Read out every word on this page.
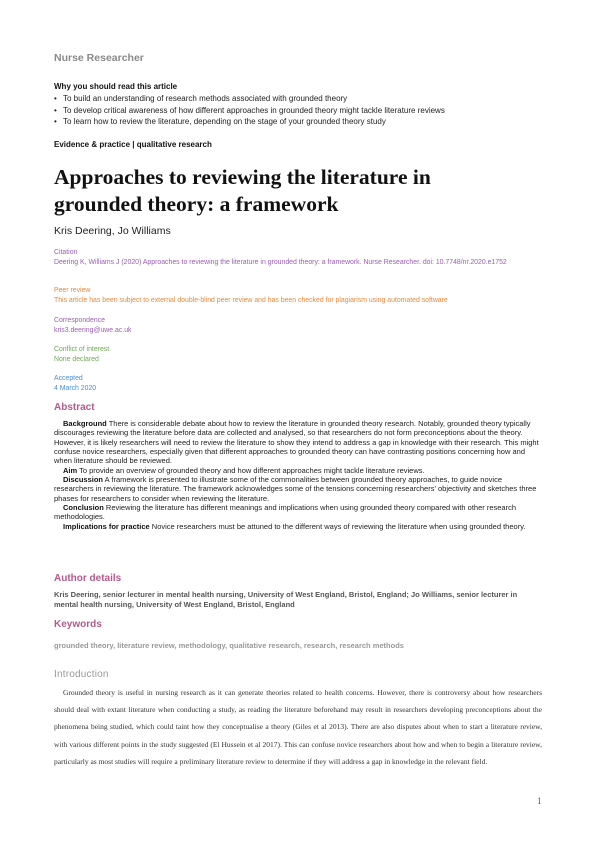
Nurse Researcher
Why you should read this article
• To build an understanding of research methods associated with grounded theory
• To develop critical awareness of how different approaches in grounded theory might tackle literature reviews
• To learn how to review the literature, depending on the stage of your grounded theory study
Evidence & practice | qualitative research
Approaches to reviewing the literature in grounded theory: a framework
Kris Deering, Jo Williams
Citation
Deering K, Williams J (2020) Approaches to reviewing the literature in grounded theory: a framework. Nurse Researcher. doi: 10.7748/nr.2020.e1752
Peer review
This article has been subject to external double-blind peer review and has been checked for plagiarism using automated software
Correspondence
kris3.deering@uwe.ac.uk
Conflict of interest
None declared
Accepted
4 March 2020
Abstract

Background There is considerable debate about how to review the literature in grounded theory research. Notably, grounded theory typically discourages reviewing the literature before data are collected and analysed, so that researchers do not form preconceptions about the theory. However, it is likely researchers will need to review the literature to show they intend to address a gap in knowledge with their research. This might confuse novice researchers, especially given that different approaches to grounded theory can have contrasting positions concerning how and when literature should be reviewed.

Aim To provide an overview of grounded theory and how different approaches might tackle literature reviews.

Discussion A framework is presented to illustrate some of the commonalities between grounded theory approaches, to guide novice researchers in reviewing the literature. The framework acknowledges some of the tensions concerning researchers' objectivity and sketches three phases for researchers to consider when reviewing the literature.

Conclusion Reviewing the literature has different meanings and implications when using grounded theory compared with other research methodologies.

Implications for practice Novice researchers must be attuned to the different ways of reviewing the literature when using grounded theory.

Author details
Kris Deering, senior lecturer in mental health nursing, University of West England, Bristol, England; Jo Williams, senior lecturer in mental health nursing, University of West England, Bristol, England
Keywords
grounded theory, literature review, methodology, qualitative research, research, research methods
Introduction

Grounded theory is useful in nursing research as it can generate theories related to health concerns. However, there is controversy about how researchers should deal with extant literature when conducting a study, as reading the literature beforehand may result in researchers developing preconceptions about the phenomena being studied, which could taint how they conceptualise a theory (Giles et al 2013). There are also disputes about when to start a literature review, with various different points in the study suggested (El Hussein et al 2017). This can confuse novice researchers about how and when to begin a literature review, particularly as most studies will require a preliminary literature review to determine if they will address a gap in knowledge in the relevant field.

1
